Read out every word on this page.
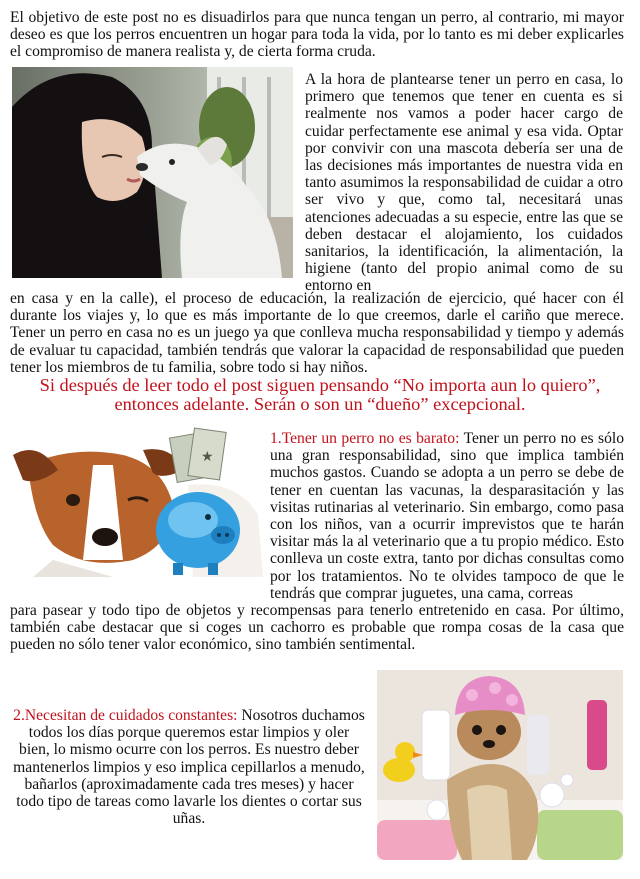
El objetivo de este post no es disuadirlos para que nunca tengan un perro, al contrario, mi mayor deseo es que los perros encuentren un hogar para toda la vida, por lo tanto es mi deber explicarles el compromiso de manera realista y, de cierta forma cruda.

A la hora de plantearse tener un perro en casa, lo primero que tenemos que tener en cuenta es si realmente nos vamos a poder hacer cargo de cuidar perfectamente ese animal y esa vida. Optar por convivir con una mascota debería ser una de las decisiones más importantes de nuestra vida en tanto asumimos la responsabilidad de cuidar a otro ser vivo y que, como tal, necesitará unas atenciones adecuadas a su especie, entre las que se deben destacar el alojamiento, los cuidados sanitarios, la identificación, la alimentación, la higiene (tanto del propio animal como de su entorno en

en casa y en la calle), el proceso de educación, la realización de ejercicio, qué hacer con él durante los viajes y, lo que es más importante de lo que creemos, darle el cariño que merece. Tener un perro en casa no es un juego ya que conlleva mucha responsabilidad y tiempo y además de evaluar tu capacidad, también tendrás que valorar la capacidad de responsabilidad que pueden tener los miembros de tu familia, sobre todo si hay niños.

Si después de leer todo el post siguen pensando “No importa aun lo quiero”, entonces adelante. Serán o son un “dueño” excepcional.

★

1.Tener un perro no es barato: Tener un perro no es sólo una gran responsabilidad, sino que implica también muchos gastos. Cuando se adopta a un perro se debe de tener en cuentan las vacunas, la desparasitación y las visitas rutinarias al veterinario. Sin embargo, como pasa con los niños, van a ocurrir imprevistos que te harán visitar más la al veterinario que a tu propio médico. Esto conlleva un coste extra, tanto por dichas consultas como por los tratamientos. No te olvides tampoco de que le tendrás que comprar juguetes, una cama, correas

para pasear y todo tipo de objetos y recompensas para tenerlo entretenido en casa. Por último, también cabe destacar que si coges un cachorro es probable que rompa cosas de la casa que pueden no sólo tener valor económico, sino también sentimental.

2.Necesitan de cuidados constantes: Nosotros duchamos todos los días porque queremos estar limpios y oler bien, lo mismo ocurre con los perros. Es nuestro deber mantenerlos limpios y eso implica cepillarlos a menudo, bañarlos (aproximadamente cada tres meses) y hacer todo tipo de tareas como lavarle los dientes o cortar sus uñas.
